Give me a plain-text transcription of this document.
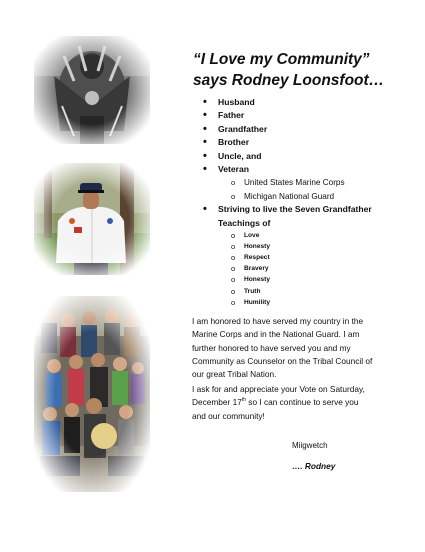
“I Love my Community”
says Rodney Loonsfoot…
• Husband
• Father
• Grandfather
• Brother
• Uncle, and
• Veteran
o United States Marine Corps
o Michigan National Guard
• Striving to live the Seven Grandfather
Teachings of
o Love
o Honesty
o Respect
o Bravery
o Honesty
o Truth
o Humility
I am honored to have served my country in the
Marine Corps and in the National Guard. I am
further honored to have served you and my
Community as Counselor on the Tribal Council of
our great Tribal Nation.
I ask for and appreciate your Vote on Saturday,
December 17th so I can continue to serve you
and our community!
Miigwetch
…. Rodney
